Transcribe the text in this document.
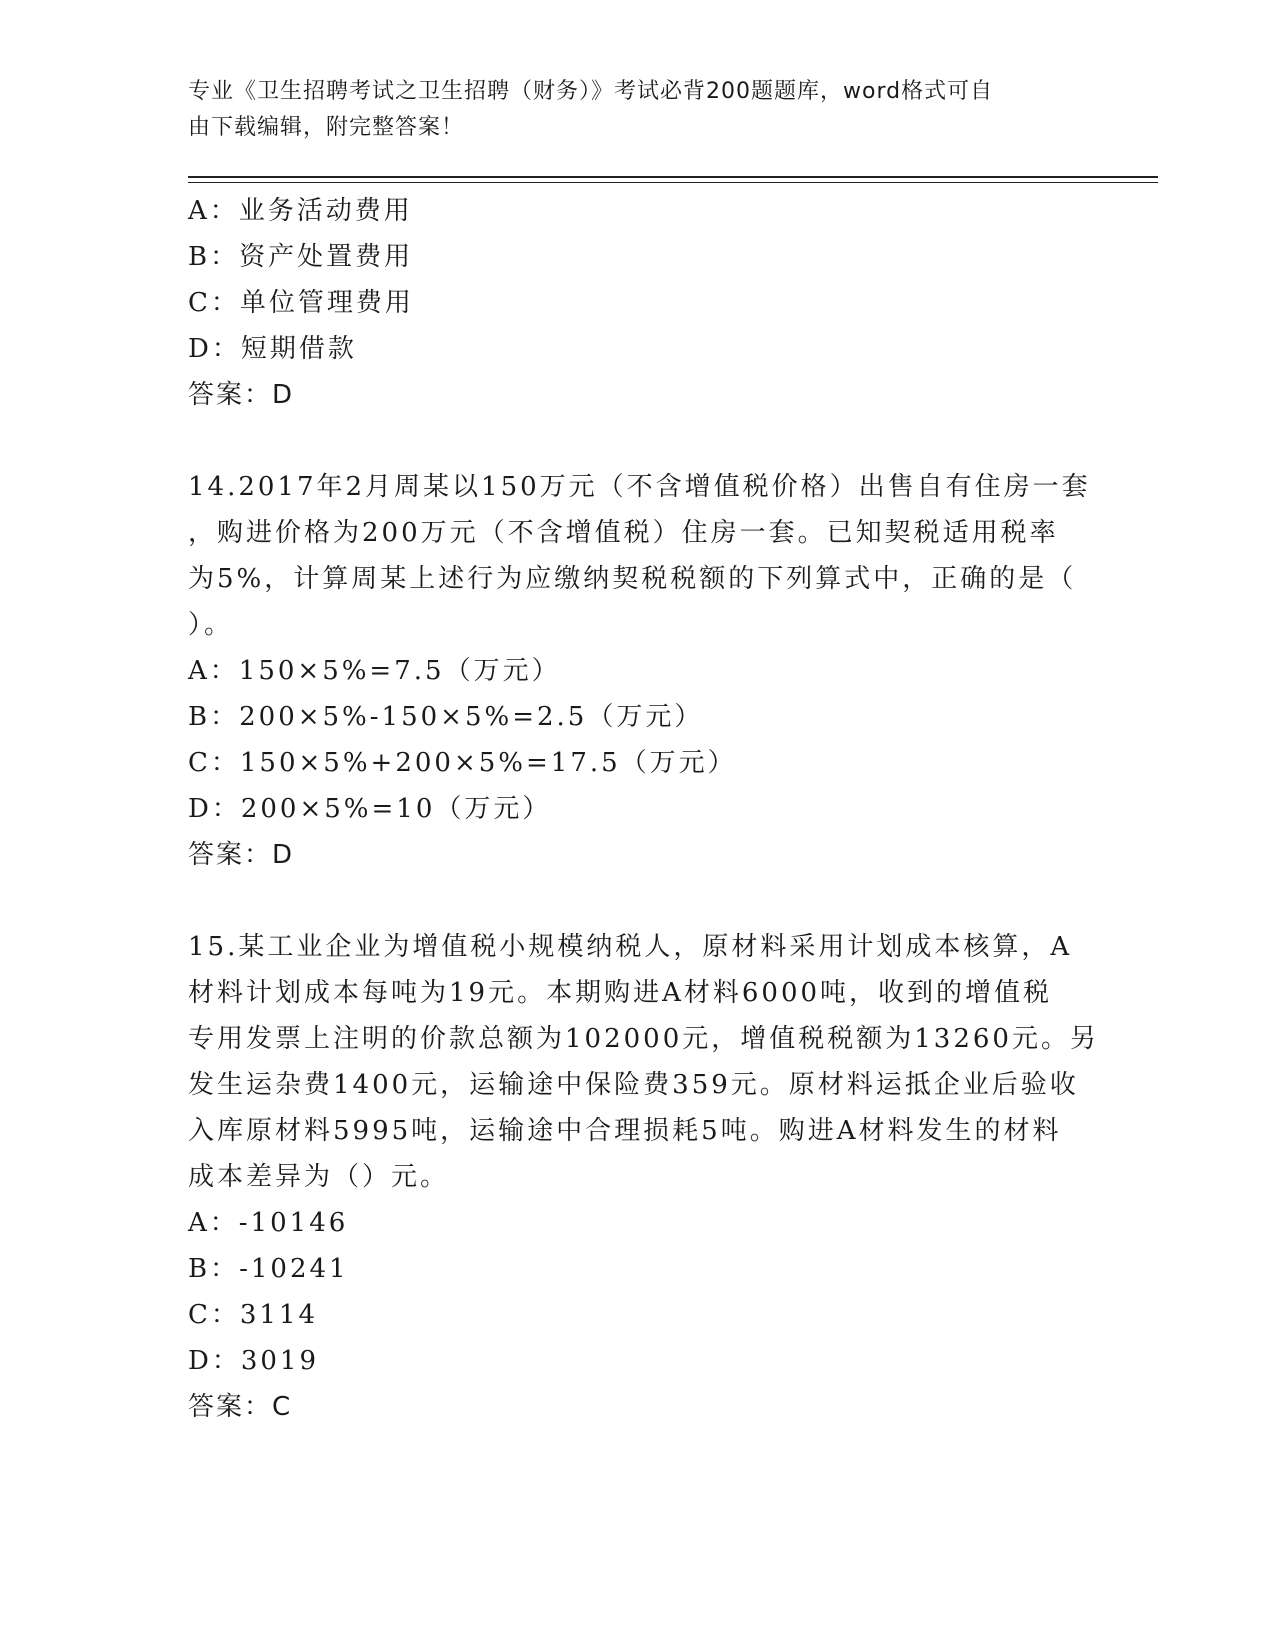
专业《卫生招聘考试之卫生招聘（财务）》考试必背200题题库，word格式可自
由下载编辑，附完整答案！
A：业务活动费用
B：资产处置费用
C：单位管理费用
D：短期借款
答案：D
14.2017年2月周某以150万元（不含增值税价格）出售自有住房一套
，购进价格为200万元（不含增值税）住房一套。已知契税适用税率
为5%，计算周某上述行为应缴纳契税税额的下列算式中，正确的是（
）。
A：150×5%=7.5（万元）
B：200×5%-150×5%=2.5（万元）
C：150×5%+200×5%=17.5（万元）
D：200×5%=10（万元）
答案：D
15.某工业企业为增值税小规模纳税人，原材料采用计划成本核算，A
材料计划成本每吨为19元。本期购进A材料6000吨，收到的增值税
专用发票上注明的价款总额为102000元，增值税税额为13260元。另
发生运杂费1400元，运输途中保险费359元。原材料运抵企业后验收
入库原材料5995吨，运输途中合理损耗5吨。购进A材料发生的材料
成本差异为（）元。
A：-10146
B：-10241
C：3114
D：3019
答案：C
